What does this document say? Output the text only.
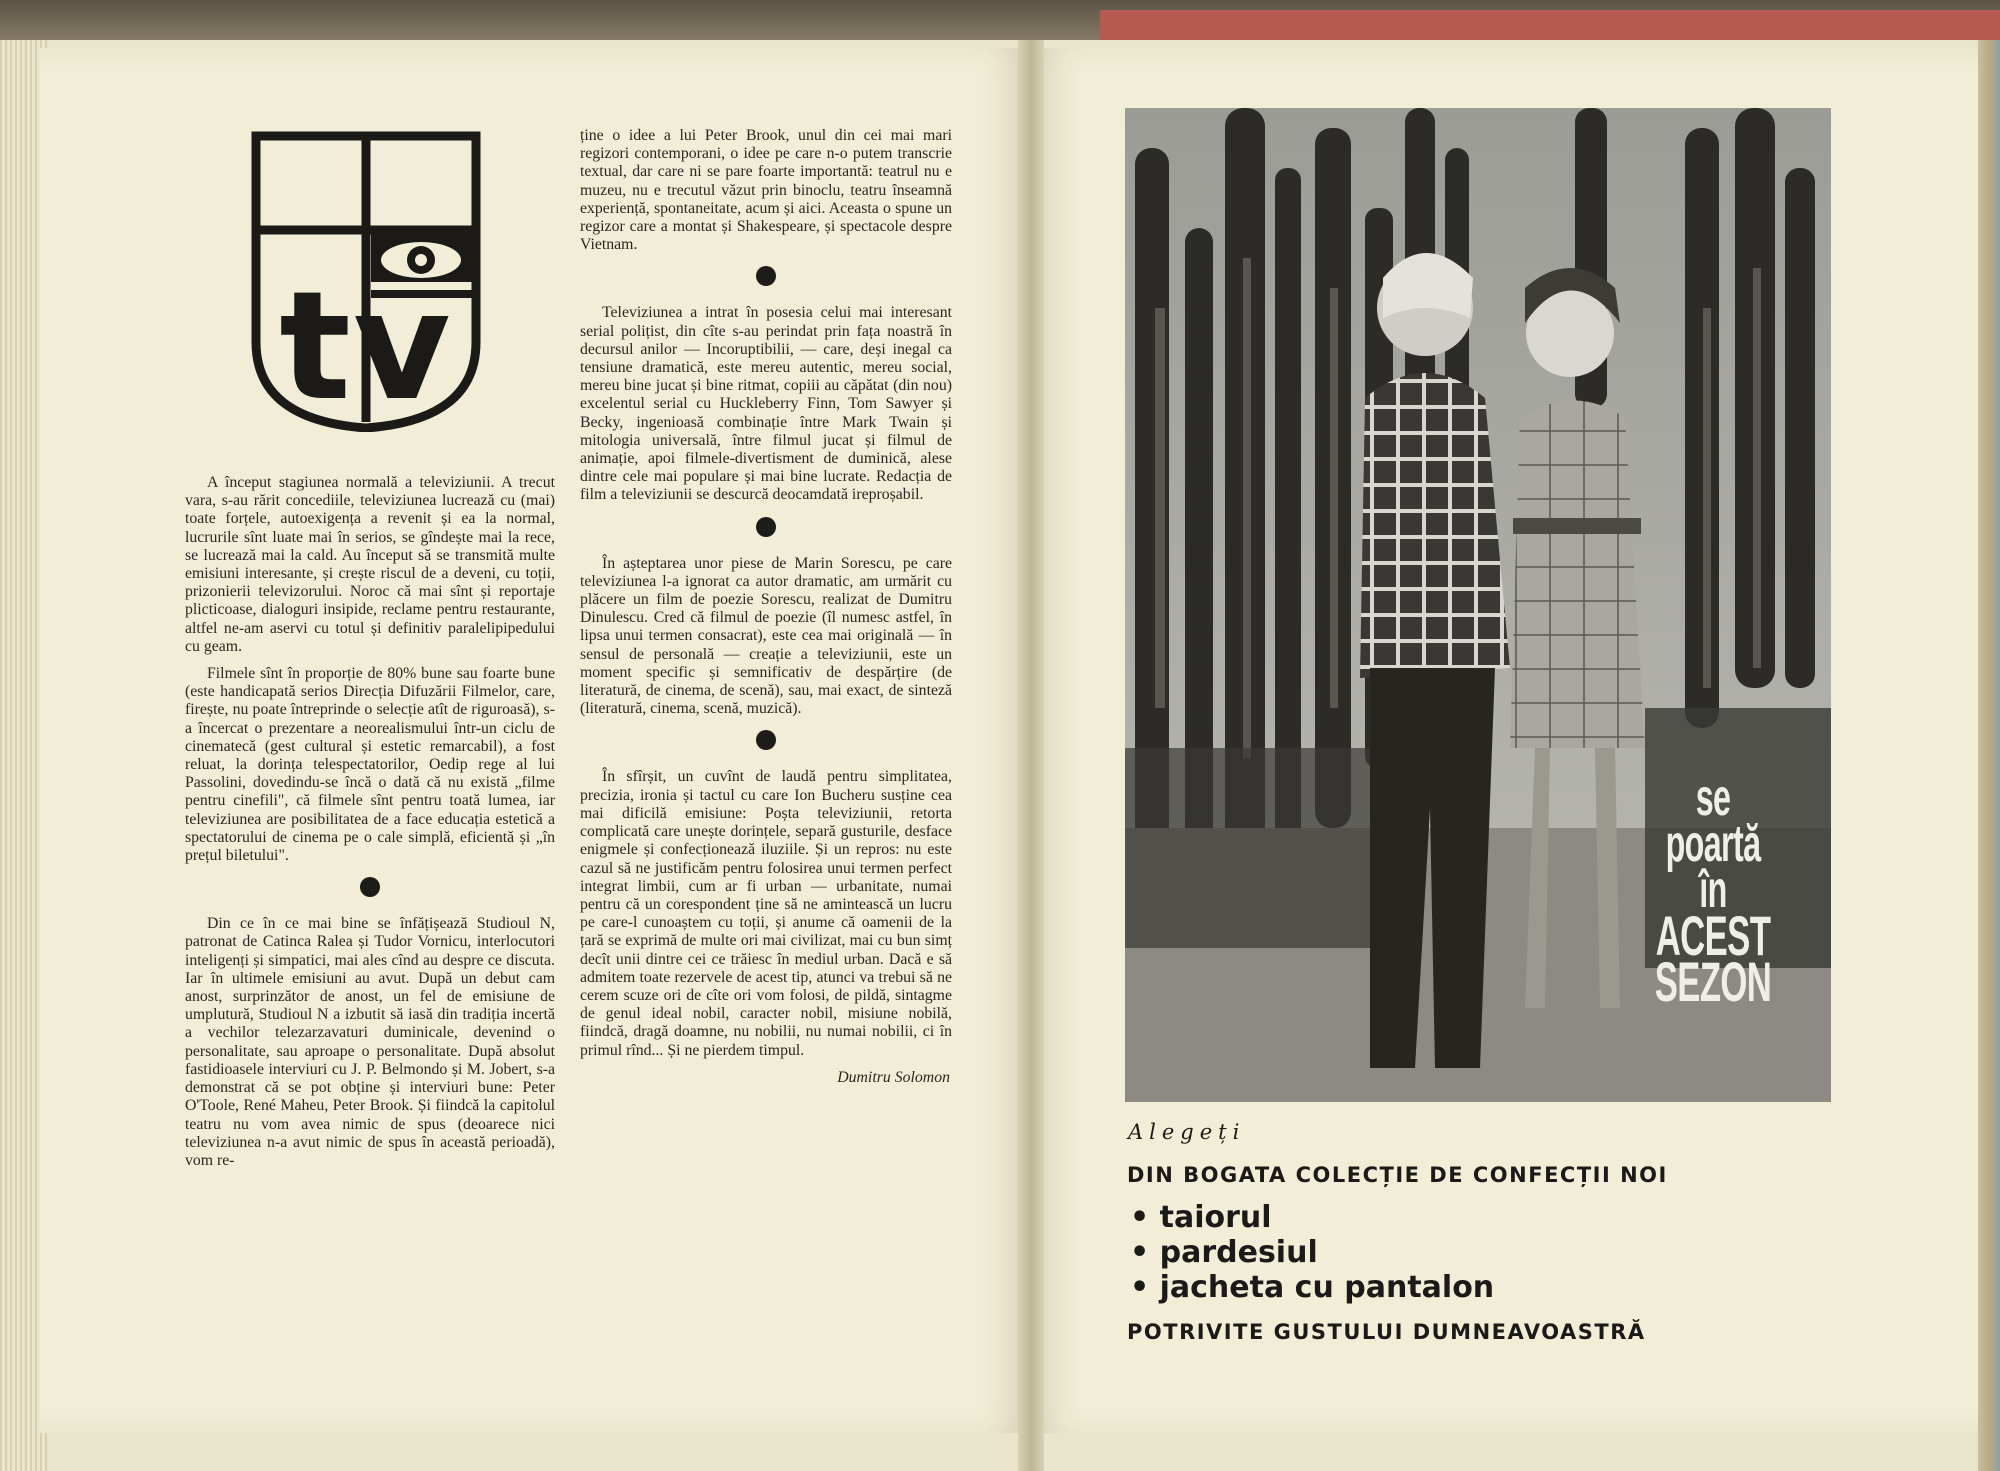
tv

A început stagiunea normală a televiziunii. A trecut vara, s-au rărit concediile, televiziunea lucrează cu (mai) toate forțele, autoexigența a revenit și ea la normal, lucrurile sînt luate mai în serios, se gîndește mai la rece, se lucrează mai la cald. Au început să se transmită multe emisiuni interesante, și crește riscul de a deveni, cu toții, prizonierii televizorului. Noroc că mai sînt și reportaje plicticoase, dialoguri insipide, reclame pentru restaurante, altfel ne-am aservi cu totul și definitiv paralelipipedului cu geam.

Filmele sînt în proporție de 80% bune sau foarte bune (este handicapată serios Direcția Difuzării Filmelor, care, firește, nu poate întreprinde o selecție atît de riguroasă), s-a încercat o prezentare a neorealismului într-un ciclu de cinematecă (gest cultural și estetic remarcabil), a fost reluat, la dorința telespectatorilor, Oedip rege al lui Passolini, dovedindu-se încă o dată că nu există „filme pentru cinefili", că filmele sînt pentru toată lumea, iar televiziunea are posibilitatea de a face educația estetică a spectatorului de cinema pe o cale simplă, eficientă și „în prețul biletului".

Din ce în ce mai bine se înfățișează Studioul N, patronat de Catinca Ralea și Tudor Vornicu, interlocutori inteligenți și simpatici, mai ales cînd au despre ce discuta. Iar în ultimele emisiuni au avut. După un debut cam anost, surprinzător de anost, un fel de emisiune de umplutură, Studioul N a izbutit să iasă din tradiția incertă a vechilor telezarzavaturi duminicale, devenind o personalitate, sau aproape o personalitate. După absolut fastidioasele interviuri cu J. P. Belmondo și M. Jobert, s-a demonstrat că se pot obține și interviuri bune: Peter O'Toole, René Maheu, Peter Brook. Și fiindcă la capitolul teatru nu vom avea nimic de spus (deoarece nici televiziunea n-a avut nimic de spus în această perioadă), vom re-

ține o idee a lui Peter Brook, unul din cei mai mari regizori contemporani, o idee pe care n-o putem transcrie textual, dar care ni se pare foarte importantă: teatrul nu e muzeu, nu e trecutul văzut prin binoclu, teatru înseamnă experiență, spontaneitate, acum și aici. Aceasta o spune un regizor care a montat și Shakespeare, și spectacole despre Vietnam.

Televiziunea a intrat în posesia celui mai interesant serial polițist, din cîte s-au perindat prin fața noastră în decursul anilor — Incoruptibilii, — care, deși inegal ca tensiune dramatică, este mereu autentic, mereu social, mereu bine jucat și bine ritmat, copiii au căpătat (din nou) excelentul serial cu Huckleberry Finn, Tom Sawyer și Becky, ingenioasă combinație între Mark Twain și mitologia universală, între filmul jucat și filmul de animație, apoi filmele-divertisment de duminică, alese dintre cele mai populare și mai bine lucrate. Redacția de film a televiziunii se descurcă deocamdată ireproșabil.

În așteptarea unor piese de Marin Sorescu, pe care televiziunea l-a ignorat ca autor dramatic, am urmărit cu plăcere un film de poezie Sorescu, realizat de Dumitru Dinulescu. Cred că filmul de poezie (îl numesc astfel, în lipsa unui termen consacrat), este cea mai originală — în sensul de personală — creație a televiziunii, este un moment specific și semnificativ de despărțire (de literatură, de cinema, de scenă), sau, mai exact, de sinteză (literatură, cinema, scenă, muzică).

În sfîrșit, un cuvînt de laudă pentru simplitatea, precizia, ironia și tactul cu care Ion Bucheru susține cea mai dificilă emisiune: Poșta televiziunii, retorta complicată care unește dorințele, separă gusturile, desface enigmele și confecționează iluziile. Și un repros: nu este cazul să ne justificăm pentru folosirea unui termen perfect integrat limbii, cum ar fi urban — urbanitate, numai pentru că un corespondent ține să ne amintească un lucru pe care-l cunoaștem cu toții, și anume că oamenii de la țară se exprimă de multe ori mai civilizat, mai cu bun simț decît unii dintre cei ce trăiesc în mediul urban. Dacă e să admitem toate rezervele de acest tip, atunci va trebui să ne cerem scuze ori de cîte ori vom folosi, de pildă, sintagme de genul ideal nobil, caracter nobil, misiune nobilă, fiindcă, dragă doamne, nu nobilii, nu numai nobilii, ci în primul rînd... Și ne pierdem timpul.

Dumitru Solomon
se
poartă
în
ACEST
SEZON
Alegeți
DIN BOGATA COLECȚIE DE CONFECȚII NOI
• taiorul
• pardesiul
• jacheta cu pantalon
POTRIVITE GUSTULUI DUMNEAVOASTRĂ
